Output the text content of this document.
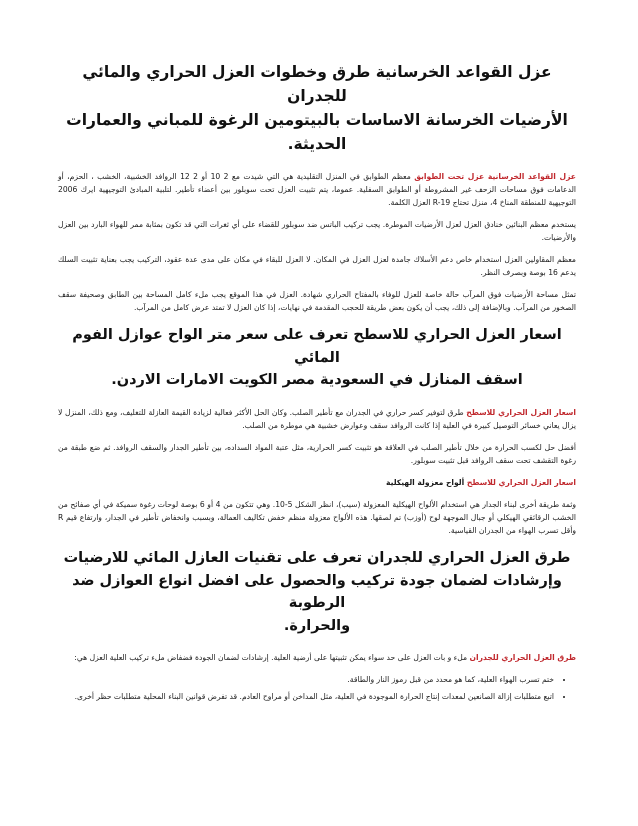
عزل القواعد الخرسانية طرق وخطوات العزل الحراري والمائي للجدران
الأرضيات الخرسانة الاساسات بالبيتومين الرغوة للمباني والعمارات الحديثة.

عزل القواعد الخرسانية عزل تحت الطوابق معظم الطوابق في المنزل التقليدية هي التي شيدت مع 2 10 أو 2 12 الروافد الخشبية، الخشب ، الحزم، أو الدعامات فوق مساحات الزحف غير المشروطة أو الطوابق السفلية. عموما، يتم تثبيت العزل تحت سوبلور بين أعضاء تأطير. لتلبية المبادئ التوجيهية ايرك 2006 التوجيهية للمنطقة المناخ 4، منزل تحتاج R-19 العزل الكلمة.

يستخدم معظم البنائين خنادق العزل لعزل الأرضيات الموطرة. يجب تركيب الباتس ضد سوبلور للقضاء على أي ثغرات التي قد تكون بمثابة ممر للهواء البارد بين العزل والأرضيات.

معظم المقاولين العزل استخدام خاص دعم الأسلاك جامدة لعزل العزل في المكان. لا العزل للبقاء في مكان على مدى عدة عقود، التركيب يجب بعناية تثبيت السلك يدعم 16 بوصة وبصرف النظر.

تمثل مساحة الأرضيات فوق المرآب حالة خاصة للعزل للوفاء بالمفتاح الحراري شهادة. العزل في هذا الموقع يجب ملء كامل المساحة بين الطابق وصحيفة سقف الصخور من المرآب. وبالإضافة إلى ذلك، يجب أن يكون بعض طريقة للحجب المقدمة في نهايات، إذا كان العزل لا تمتد عرض كامل من المرآب.

اسعار العزل الحراري للاسطح تعرف على سعر متر الواح عوازل الفوم المائي
اسقف المنازل في السعودية مصر الكويت الامارات الاردن.

اسعار العزل الحراري للاسطح طرق لتوفير كسر حراري في الجدران مع تأطير الصلب. وكان الحل الأكثر فعالية لزيادة القيمة العازلة للتغليف، ومع ذلك، المنزل لا يزال يعاني خسائر التوصيل كبيرة في العلية إذا كانت الروافد سقف وعوارض خشبية هي موطرة من الصلب.

أفضل حل لكسب الحرارة من خلال تأطير الصلب في العلاقة هو تثبيت كسر الحرارية، مثل عتبة المواد السداده، بين تأطير الجدار والسقف الروافد. ثم ضع طبقة من رغوة التقشف تحت سقف الروافد قبل تثبيت سوبلور.

اسعار العزل الحراري للاسطح ألواح معزولة الهيكلية

وثمة طريقة أخرى لبناء الجدار هي استخدام الألواح الهيكلية المعزولة (سيب)، انظر الشكل 5-10. وهي تتكون من 4 أو 6 بوصة لوحات رغوة سميكة في أي صفائح من الخشب الرقائقي الهيكلي أو جبال الموجهة لوح (أوزب) تم لصقها. هذه الألواح معزولة منظم خفض تكاليف العمالة، وبسبب وانخفاض تأطير في الجدار، وارتفاع قيم R وأقل تسرب الهواء من الجدران القياسية.

طرق العزل الحراري للجدران تعرف على تقنيات العازل المائي للارضيات
وإرشادات لضمان جودة تركيب والحصول على افضل انواع العوازل ضد الرطوبة
والحرارة.

طرق العزل الحراري للجدران ملء و بات العزل على حد سواء يمكن تثبيتها على أرضية العلية. إرشادات لضمان الجودة فضفاض ملء تركيب العلية العزل هي:

• ختم تسرب الهواء العلية، كما هو محدد من قبل رموز النار والطاقة.
• اتبع متطلبات إزالة الصانعين لمعدات إنتاج الحرارة الموجودة في العلية، مثل المداخن أو مراوح العادم. قد تفرض قوانين البناء المحلية متطلبات حظر أخرى.
